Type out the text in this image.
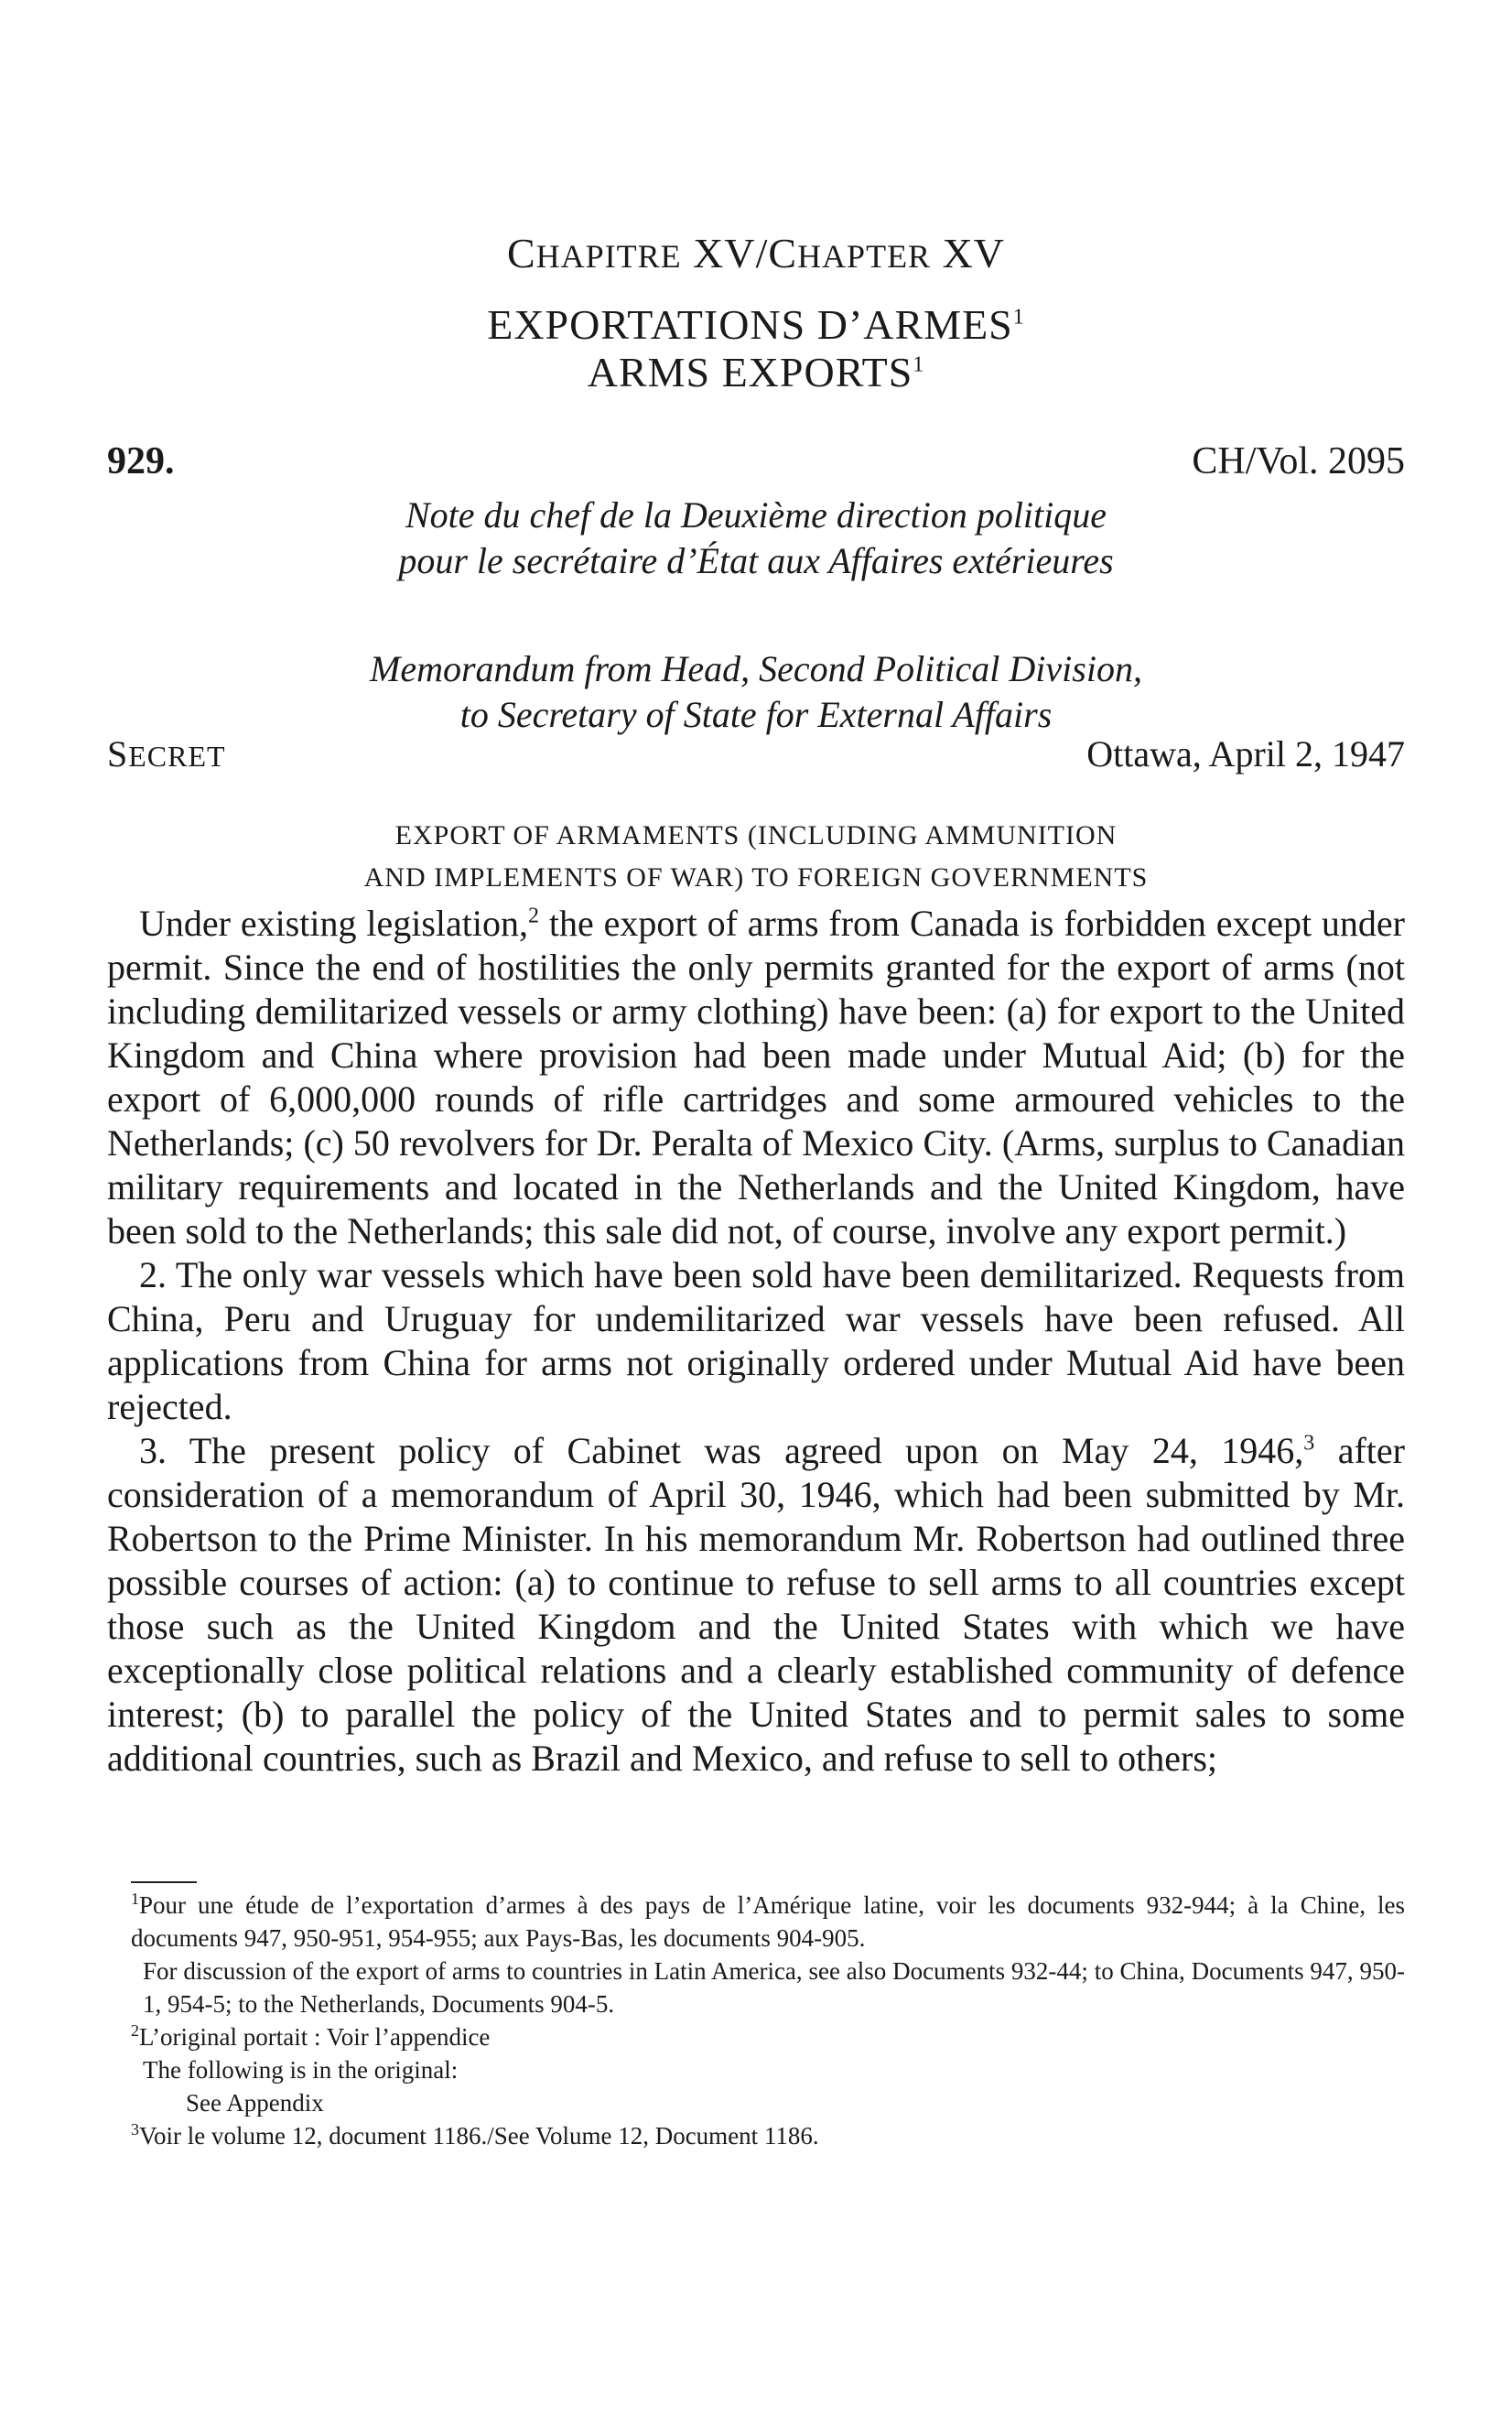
CHAPITRE XV/CHAPTER XV
EXPORTATIONS D’ARMES$^1$
ARMS EXPORTS$^1$
929.	CH/Vol. 2095
Note du chef de la Deuxième direction politique
pour le secrétaire d’État aux Affaires extérieures
Memorandum from Head, Second Political Division,
to Secretary of State for External Affairs
SECRET	Ottawa, April 2, 1947
EXPORT OF ARMAMENTS (INCLUDING AMMUNITION
AND IMPLEMENTS OF WAR) TO FOREIGN GOVERNMENTS

Under existing legislation,$^2$ the export of arms from Canada is forbidden except under permit. Since the end of hostilities the only permits granted for the export of arms (not including demilitarized vessels or army clothing) have been: (a) for export to the United Kingdom and China where provision had been made under Mutual Aid; (b) for the export of 6,000,000 rounds of rifle cartridges and some armoured vehicles to the Netherlands; (c) 50 revolvers for Dr. Peralta of Mexico City. (Arms, surplus to Canadian military requirements and located in the Netherlands and the United Kingdom, have been sold to the Netherlands; this sale did not, of course, involve any export permit.)

2. The only war vessels which have been sold have been demilitarized. Requests from China, Peru and Uruguay for undemilitarized war vessels have been refused. All applications from China for arms not originally ordered under Mutual Aid have been rejected.

3. The present policy of Cabinet was agreed upon on May 24, 1946,$^3$ after consideration of a memorandum of April 30, 1946, which had been submitted by Mr. Robertson to the Prime Minister. In his memorandum Mr. Robertson had outlined three possible courses of action: (a) to continue to refuse to sell arms to all countries except those such as the United Kingdom and the United States with which we have exceptionally close political relations and a clearly established community of defence interest; (b) to parallel the policy of the United States and to permit sales to some additional countries, such as Brazil and Mexico, and refuse to sell to others;

$^1$Pour une étude de l’exportation d’armes à des pays de l’Amérique latine, voir les documents 932-944; à la Chine, les documents 947, 950-951, 954-955; aux Pays-Bas, les documents 904-905.

For discussion of the export of arms to countries in Latin America, see also Documents 932-44; to China, Documents 947, 950-1, 954-5; to the Netherlands, Documents 904-5.

$^2$L’original portait : Voir l’appendice

The following is in the original:

See Appendix

$^3$Voir le volume 12, document 1186./See Volume 12, Document 1186.
